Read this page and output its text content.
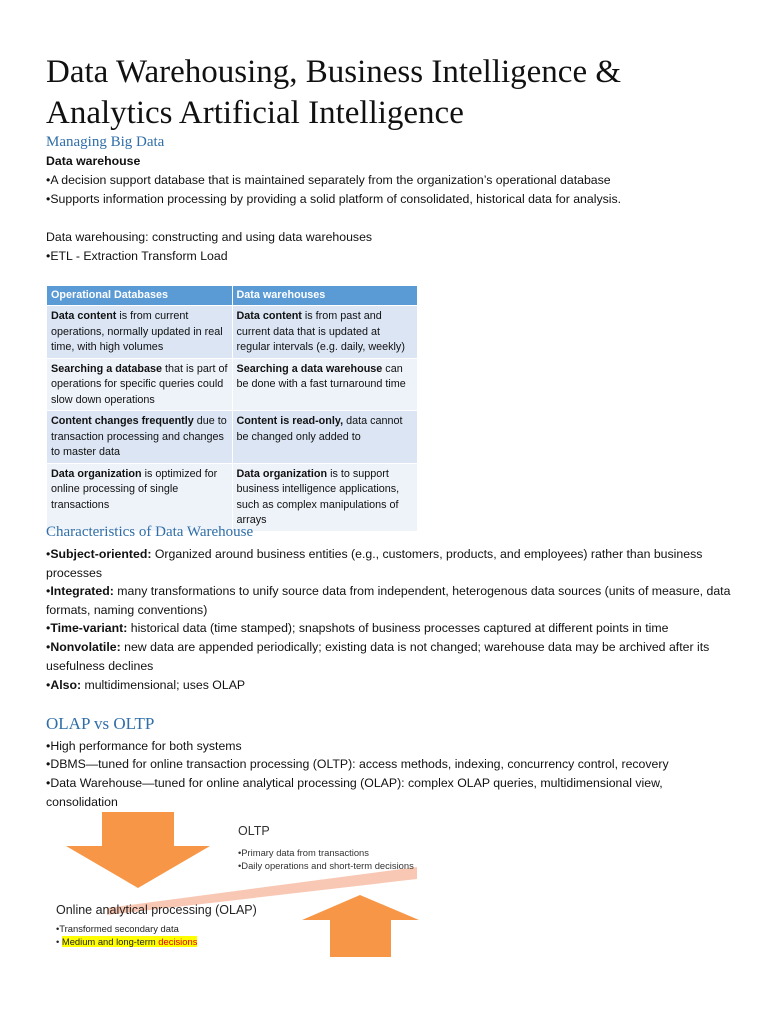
Data Warehousing, Business Intelligence & Analytics Artificial Intelligence
Managing Big Data
Data warehouse
• A decision support database that is maintained separately from the organization’s operational database
• Supports information processing by providing a solid platform of consolidated, historical data for analysis.
Data warehousing: constructing and using data warehouses
• ETL - Extraction Transform Load
Operational Databases	Data warehouses
Data content is from current operations, normally updated in real time, with high volumes	Data content is from past and current data that is updated at regular intervals (e.g. daily, weekly)
Searching a database that is part of operations for specific queries could slow down operations	Searching a data warehouse can be done with a fast turnaround time
Content changes frequently due to transaction processing and changes to master data	Content is read-only, data cannot be changed only added to
Data organization is optimized for online processing of single transactions	Data organization is to support business intelligence applications, such as complex manipulations of arrays
Characteristics of Data Warehouse
• Subject-oriented: Organized around business entities (e.g., customers, products, and employees) rather than business processes
• Integrated: many transformations to unify source data from independent, heterogenous data sources (units of measure, data formats, naming conventions)
• Time-variant: historical data (time stamped); snapshots of business processes captured at different points in time
• Nonvolatile: new data are appended periodically; existing data is not changed; warehouse data may be archived after its usefulness declines
• Also: multidimensional; uses OLAP
OLAP vs OLTP
• High performance for both systems
• DBMS—tuned for online transaction processing (OLTP): access methods, indexing, concurrency control, recovery
• Data Warehouse—tuned for online analytical processing (OLAP): complex OLAP queries, multidimensional view, consolidation
OLTP
• Primary data from transactions
• Daily operations and short-term decisions
Online analytical processing (OLAP)
• Transformed secondary data
• Medium and long-term decisions
